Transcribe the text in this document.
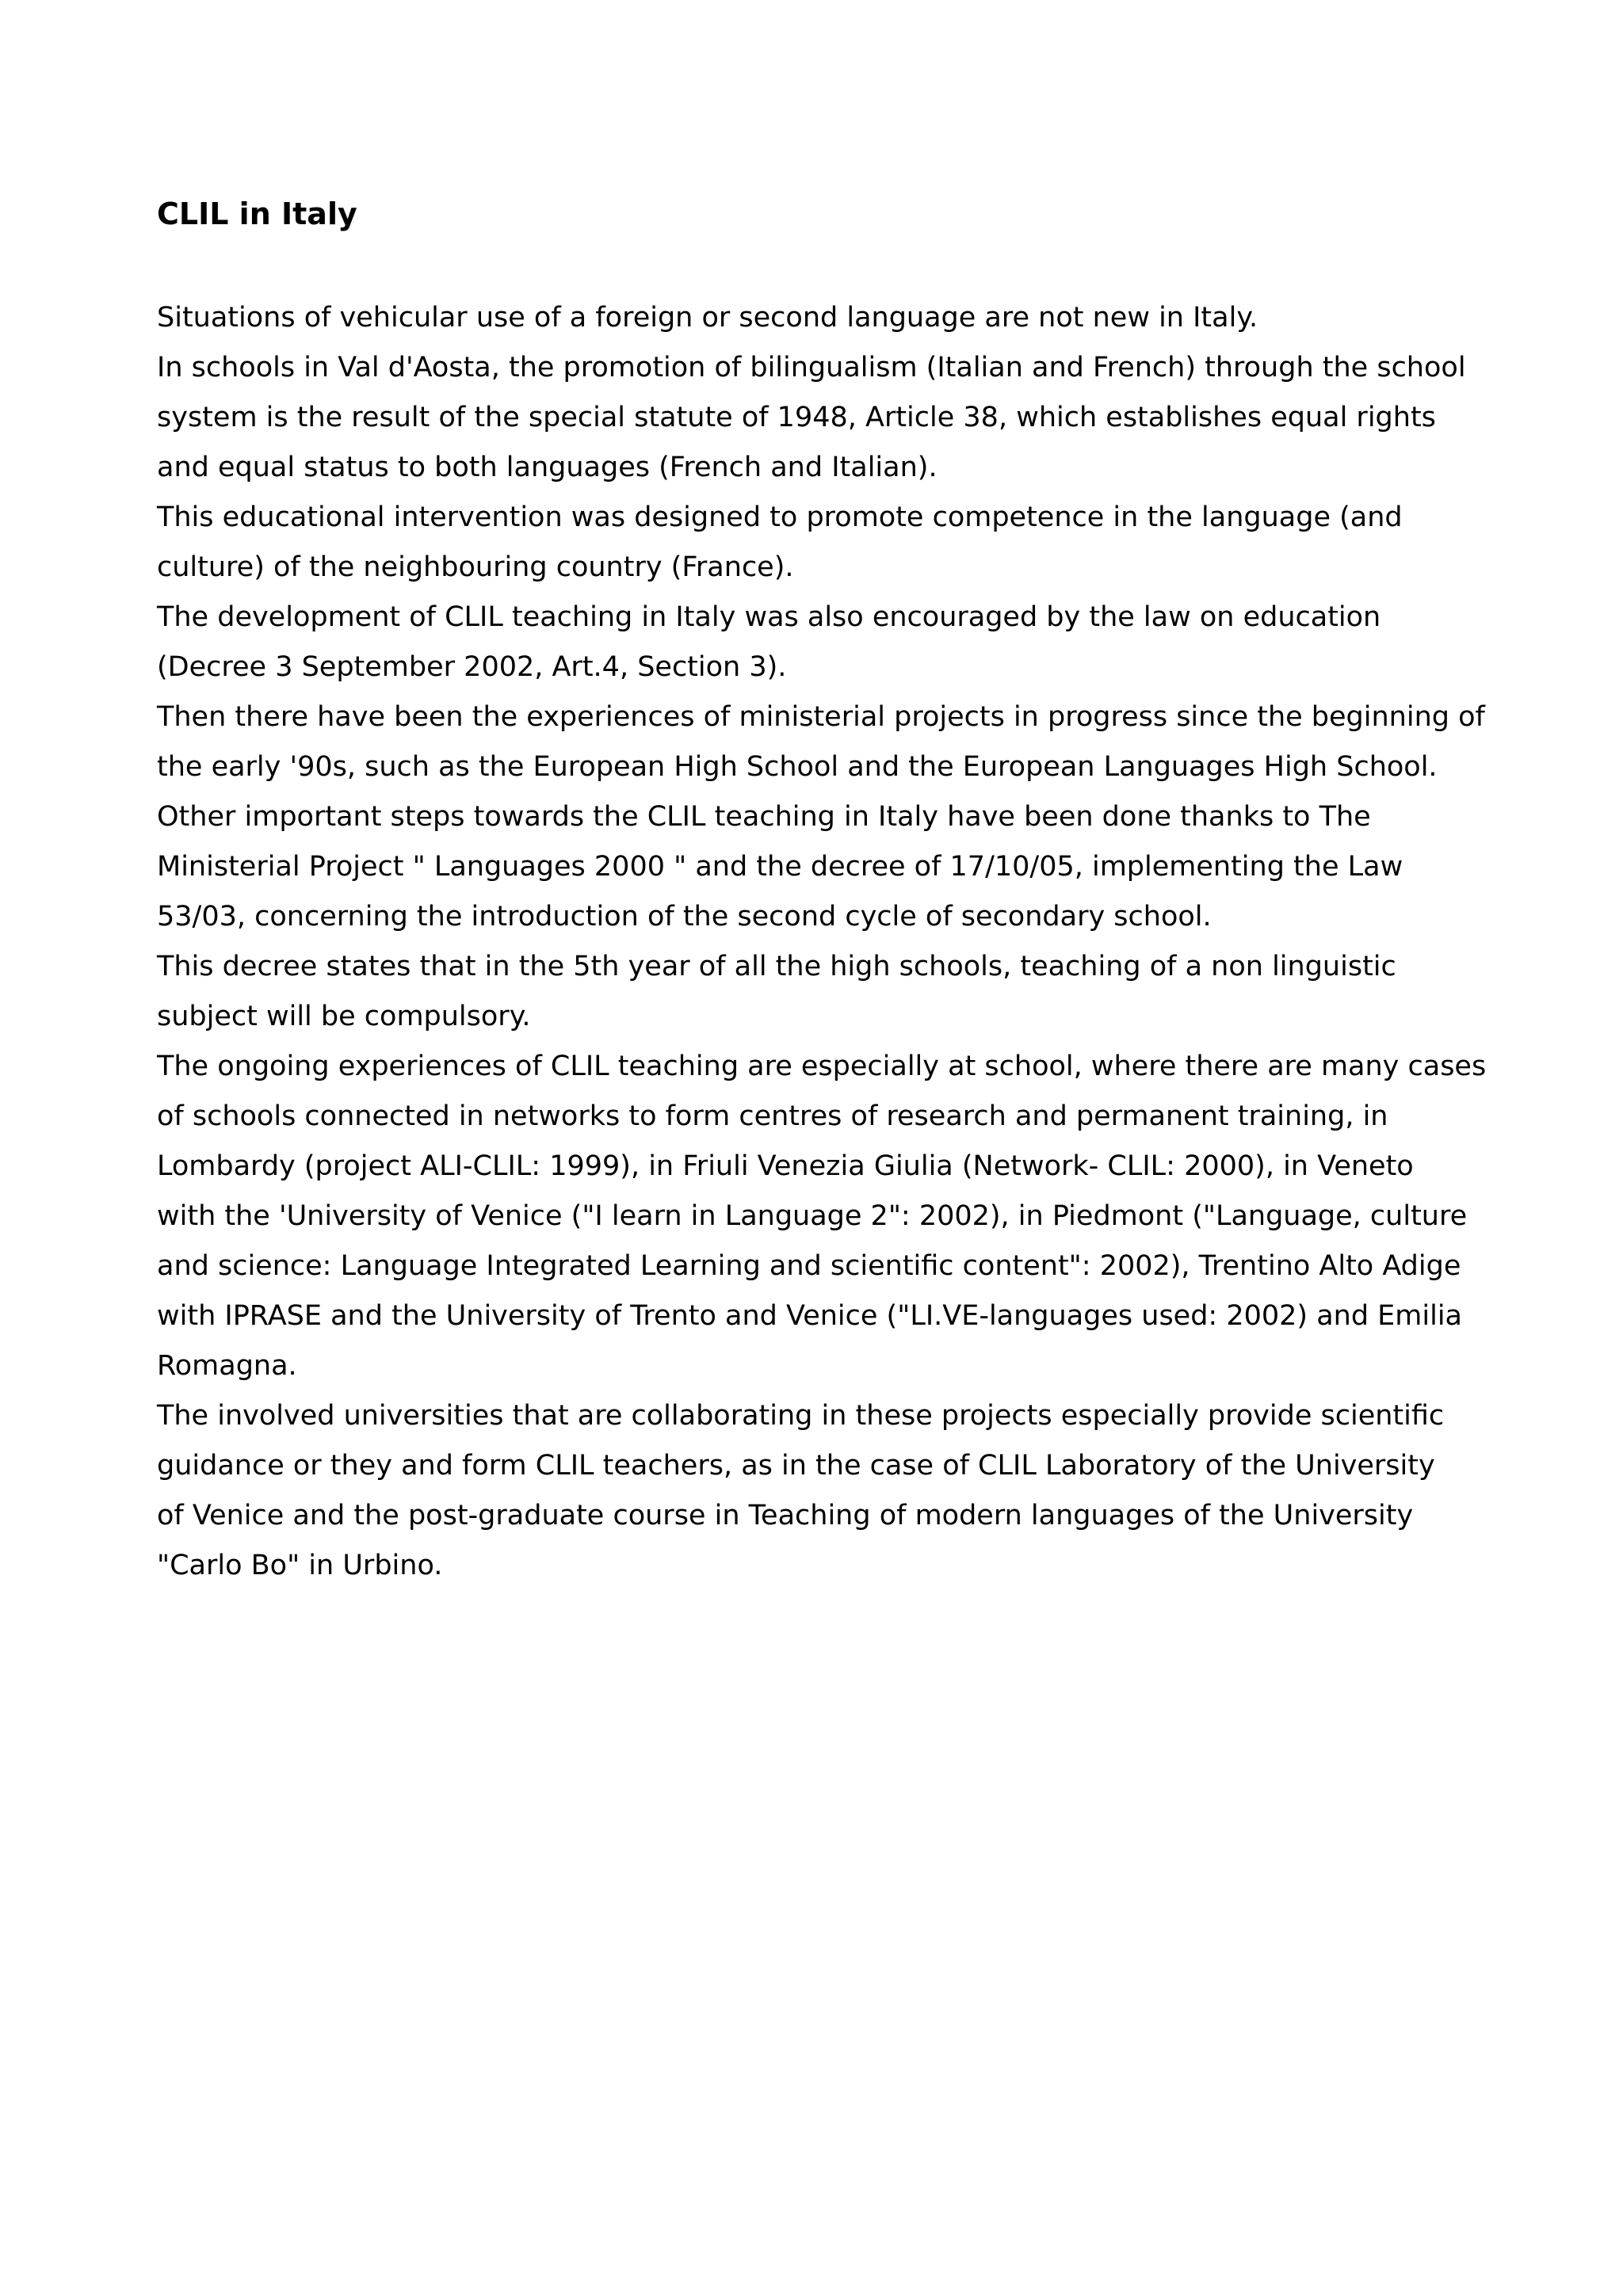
CLIL in Italy
Situations of vehicular use of a foreign or second language are not new in Italy.
In schools in Val d'Aosta, the promotion of bilingualism (Italian and French) through the school
system is the result of the special statute of 1948, Article 38, which establishes equal rights
and equal status to both languages (French and Italian).
This educational intervention was designed to promote competence in the language (and
culture) of the neighbouring country (France).
The development of CLIL teaching in Italy was also encouraged by the law on education
(Decree 3 September 2002, Art.4, Section 3).
Then there have been the experiences of ministerial projects in progress since the beginning of
the early '90s, such as the European High School and the European Languages High School.
Other important steps towards the CLIL teaching in Italy have been done thanks to The
Ministerial Project " Languages 2000 " and the decree of 17/10/05, implementing the Law
53/03, concerning the introduction of the second cycle of secondary school.
This decree states that in the 5th year of all the high schools, teaching of a non linguistic
subject will be compulsory.
The ongoing experiences of CLIL teaching are especially at school, where there are many cases
of schools connected in networks to form centres of research and permanent training, in
Lombardy (project ALI-CLIL: 1999), in Friuli Venezia Giulia (Network- CLIL: 2000), in Veneto
with the 'University of Venice ("I learn in Language 2": 2002), in Piedmont ("Language, culture
and science: Language Integrated Learning and scientific content": 2002), Trentino Alto Adige
with IPRASE and the University of Trento and Venice ("LI.VE-languages used: 2002) and Emilia
Romagna.
The involved universities that are collaborating in these projects especially provide scientific
guidance or they and form CLIL teachers, as in the case of CLIL Laboratory of the University
of Venice and the post-graduate course in Teaching of modern languages of the University
"Carlo Bo" in Urbino.
